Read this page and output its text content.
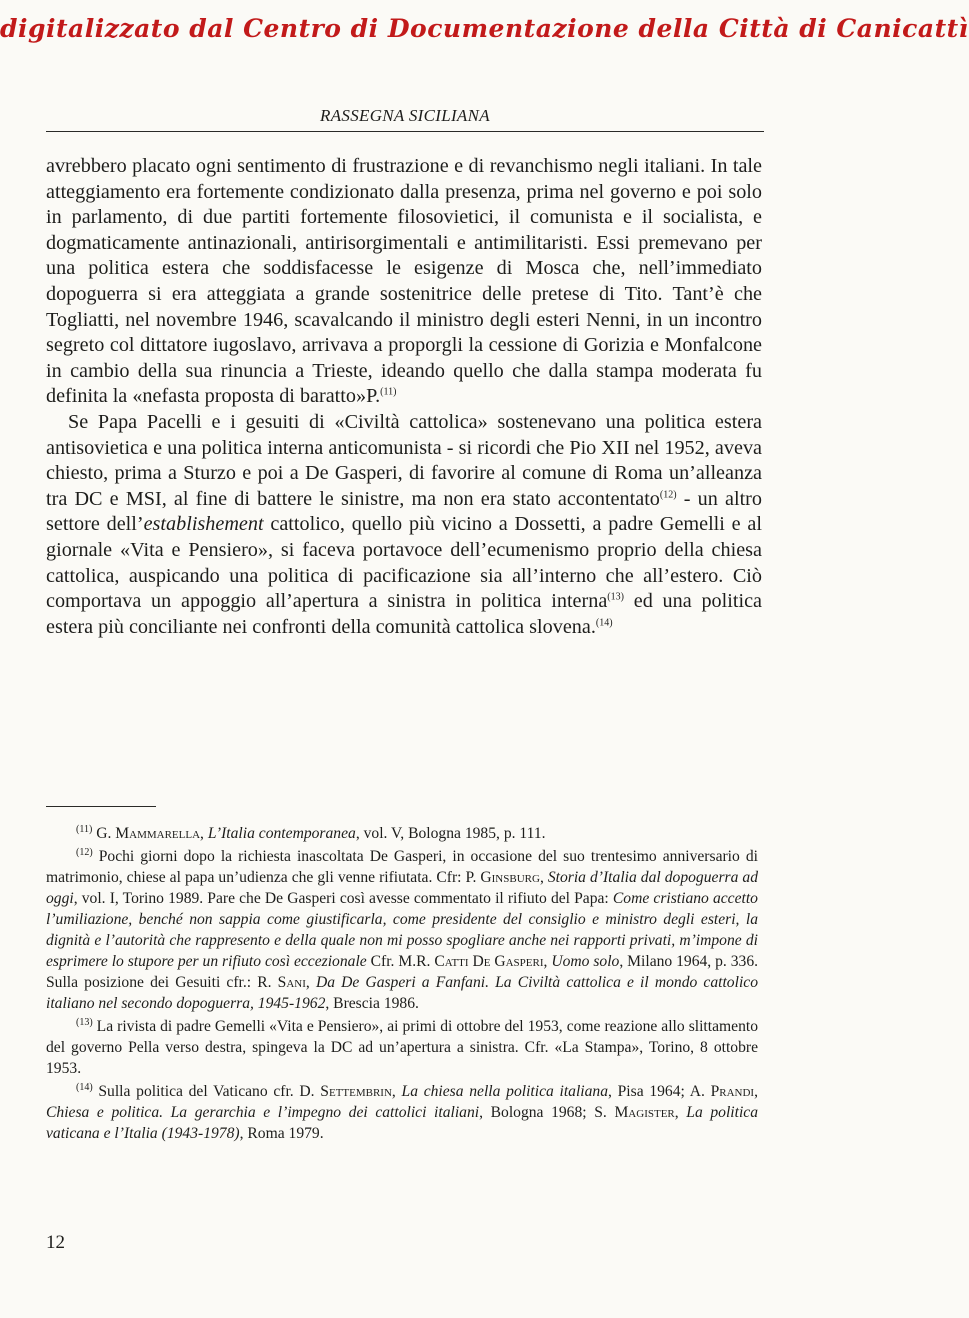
digitalizzato dal Centro di Documentazione della Città di Canicattì
RASSEGNA SICILIANA

avrebbero placato ogni sentimento di frustrazione e di revanchismo negli italiani. In tale atteggiamento era fortemente condizionato dalla presenza, prima nel governo e poi solo in parlamento, di due partiti fortemente filosovietici, il comunista e il socialista, e dogmaticamente antinazionali, antirisorgimentali e antimilitaristi. Essi premevano per una politica estera che soddisfacesse le esigenze di Mosca che, nell’immediato dopoguerra si era atteggiata a grande sostenitrice delle pretese di Tito. Tant’è che Togliatti, nel novembre 1946, scavalcando il ministro degli esteri Nenni, in un incontro segreto col dittatore iugoslavo, arrivava a proporgli la cessione di Gorizia e Monfalcone in cambio della sua rinuncia a Trieste, ideando quello che dalla stampa moderata fu definita la «nefasta proposta di baratto»P.$^{(11)}$

Se Papa Pacelli e i gesuiti di «Civiltà cattolica» sostenevano una politica estera antisovietica e una politica interna anticomunista - si ricordi che Pio XII nel 1952, aveva chiesto, prima a Sturzo e poi a De Gasperi, di favorire al comune di Roma un’alleanza tra DC e MSI, al fine di battere le sinistre, ma non era stato accontentato$^{(12)}$ - un altro settore dell’establishement cattolico, quello più vicino a Dossetti, a padre Gemelli e al giornale «Vita e Pensiero», si faceva portavoce dell’ecumenismo proprio della chiesa cattolica, auspicando una politica di pacificazione sia all’interno che all’estero. Ciò comportava un appoggio all’apertura a sinistra in politica interna$^{(13)}$ ed una politica estera più conciliante nei confronti della comunità cattolica slovena.$^{(14)}$

$^{(11)}$ G. Mammarella, L’Italia contemporanea, vol. V, Bologna 1985, p. 111.

$^{(12)}$ Pochi giorni dopo la richiesta inascoltata De Gasperi, in occasione del suo trentesimo anniversario di matrimonio, chiese al papa un’udienza che gli venne rifiutata. Cfr: P. Ginsburg, Storia d’Italia dal dopoguerra ad oggi, vol. I, Torino 1989. Pare che De Gasperi così avesse commentato il rifiuto del Papa: Come cristiano accetto l’umiliazione, benché non sappia come giustificarla, come presidente del consiglio e ministro degli esteri, la dignità e l’autorità che rappresento e della quale non mi posso spogliare anche nei rapporti privati, m’impone di esprimere lo stupore per un rifiuto così eccezionale Cfr. M.R. Catti De Gasperi, Uomo solo, Milano 1964, p. 336. Sulla posizione dei Gesuiti cfr.: R. Sani, Da De Gasperi a Fanfani. La Civiltà cattolica e il mondo cattolico italiano nel secondo dopoguerra, 1945-1962, Brescia 1986.

$^{(13)}$ La rivista di padre Gemelli «Vita e Pensiero», ai primi di ottobre del 1953, come reazione allo slittamento del governo Pella verso destra, spingeva la DC ad un’apertura a sinistra. Cfr. «La Stampa», Torino, 8 ottobre 1953.

$^{(14)}$ Sulla politica del Vaticano cfr. D. Settembrin, La chiesa nella politica italiana, Pisa 1964; A. Prandi, Chiesa e politica. La gerarchia e l’impegno dei cattolici italiani, Bologna 1968; S. Magister, La politica vaticana e l’Italia (1943-1978), Roma 1979.

12
